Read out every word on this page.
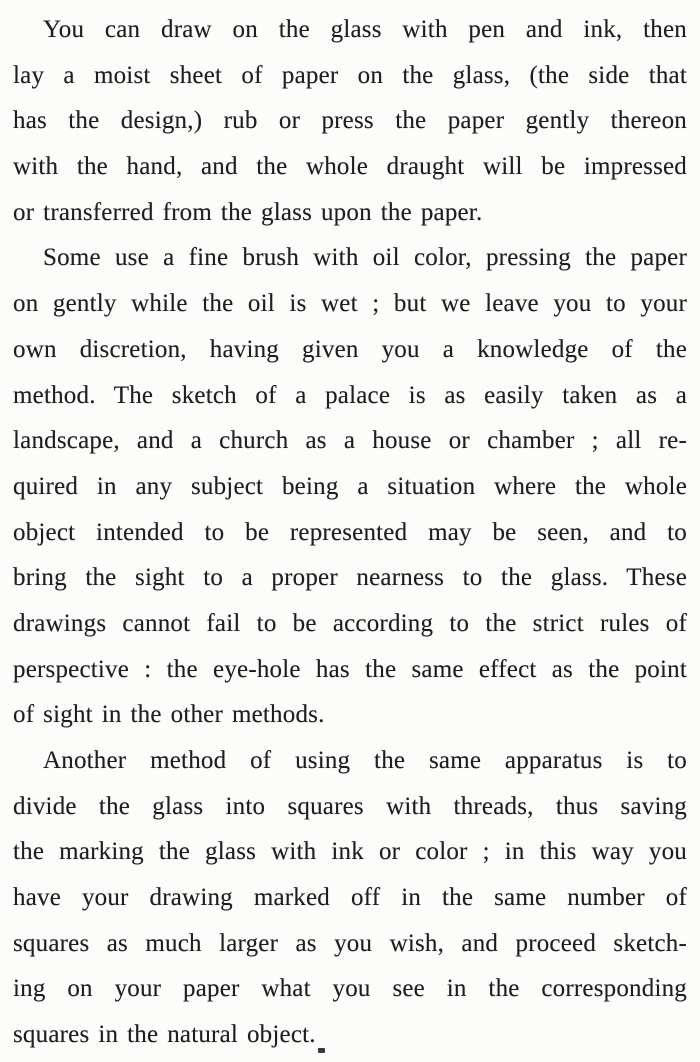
You can draw on the glass with pen and ink, then
lay a moist sheet of paper on the glass, (the side that
has the design,) rub or press the paper gently thereon
with the hand, and the whole draught will be impressed
or transferred from the glass upon the paper.
Some use a fine brush with oil color, pressing the paper
on gently while the oil is wet ; but we leave you to your
own discretion, having given you a knowledge of the
method. The sketch of a palace is as easily taken as a
landscape, and a church as a house or chamber ; all re-
quired in any subject being a situation where the whole
object intended to be represented may be seen, and to
bring the sight to a proper nearness to the glass. These
drawings cannot fail to be according to the strict rules of
perspective : the eye-hole has the same effect as the point
of sight in the other methods.
Another method of using the same apparatus is to
divide the glass into squares with threads, thus saving
the marking the glass with ink or color ; in this way you
have your drawing marked off in the same number of
squares as much larger as you wish, and proceed sketch-
ing on your paper what you see in the corresponding
squares in the natural object.
